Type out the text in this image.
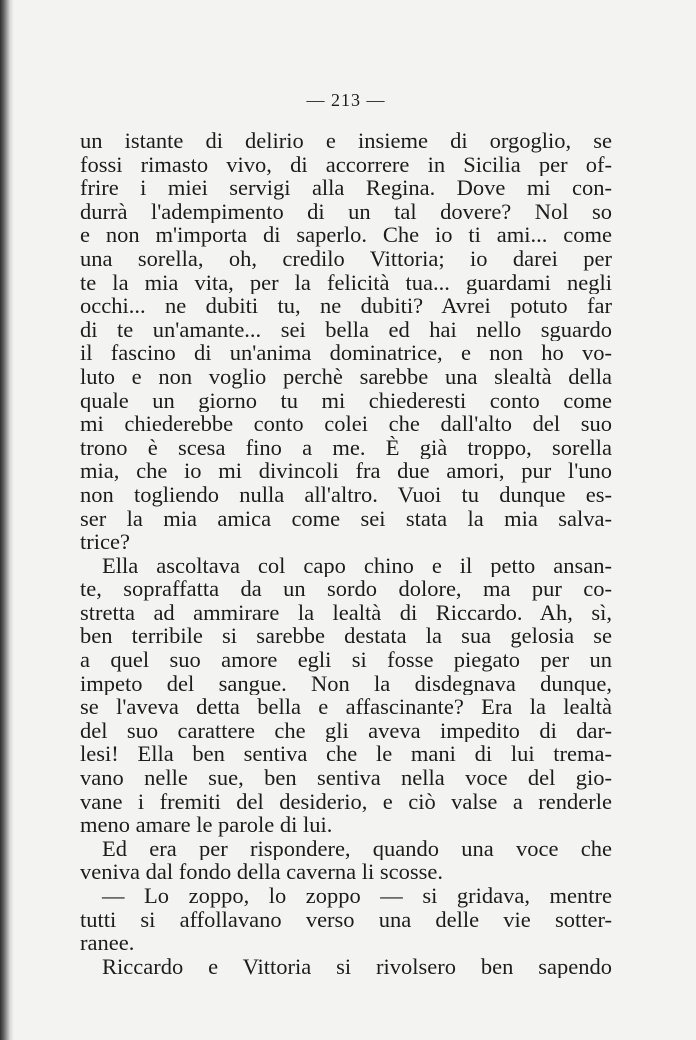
— 213 —
un istante di delirio e insieme di orgoglio, se
fossi rimasto vivo, di accorrere in Sicilia per of-
frire i miei servigi alla Regina. Dove mi con-
durrà l'adempimento di un tal dovere? Nol so
e non m'importa di saperlo. Che io ti ami... come
una sorella, oh, credilo Vittoria; io darei per
te la mia vita, per la felicità tua... guardami negli
occhi... ne dubiti tu, ne dubiti? Avrei potuto far
di te un'amante... sei bella ed hai nello sguardo
il fascino di un'anima dominatrice, e non ho vo-
luto e non voglio perchè sarebbe una slealtà della
quale un giorno tu mi chiederesti conto come
mi chiederebbe conto colei che dall'alto del suo
trono è scesa fino a me. È già troppo, sorella
mia, che io mi divincoli fra due amori, pur l'uno
non togliendo nulla all'altro. Vuoi tu dunque es-
ser la mia amica come sei stata la mia salva-
trice?
Ella ascoltava col capo chino e il petto ansan-
te, sopraffatta da un sordo dolore, ma pur co-
stretta ad ammirare la lealtà di Riccardo. Ah, sì,
ben terribile si sarebbe destata la sua gelosia se
a quel suo amore egli si fosse piegato per un
impeto del sangue. Non la disdegnava dunque,
se l'aveva detta bella e affascinante? Era la lealtà
del suo carattere che gli aveva impedito di dar-
lesi! Ella ben sentiva che le mani di lui trema-
vano nelle sue, ben sentiva nella voce del gio-
vane i fremiti del desiderio, e ciò valse a renderle
meno amare le parole di lui.
Ed era per rispondere, quando una voce che
veniva dal fondo della caverna li scosse.
— Lo zoppo, lo zoppo — si gridava, mentre
tutti si affollavano verso una delle vie sotter-
ranee.
Riccardo e Vittoria si rivolsero ben sapendo
